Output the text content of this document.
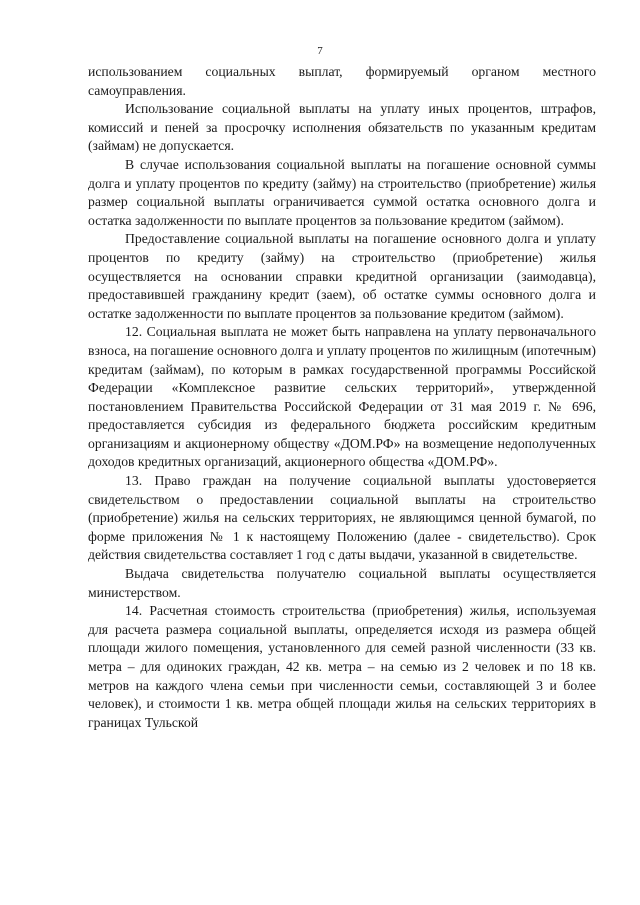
7

использованием социальных выплат, формируемый органом местного самоуправления.

Использование социальной выплаты на уплату иных процентов, штрафов, комиссий и пеней за просрочку исполнения обязательств по указанным кредитам (займам) не допускается.

В случае использования социальной выплаты на погашение основной суммы долга и уплату процентов по кредиту (займу) на строительство (приобретение) жилья размер социальной выплаты ограничивается суммой остатка основного долга и остатка задолженности по выплате процентов за пользование кредитом (займом).

Предоставление социальной выплаты на погашение основного долга и уплату процентов по кредиту (займу) на строительство (приобретение) жилья осуществляется на основании справки кредитной организации (заимодавца), предоставившей гражданину кредит (заем), об остатке суммы основного долга и остатке задолженности по выплате процентов за пользование кредитом (займом).

12. Социальная выплата не может быть направлена на уплату первоначального взноса, на погашение основного долга и уплату процентов по жилищным (ипотечным) кредитам (займам), по которым в рамках государственной программы Российской Федерации «Комплексное развитие сельских территорий», утвержденной постановлением Правительства Российской Федерации от 31 мая 2019 г. № 696, предоставляется субсидия из федерального бюджета российским кредитным организациям и акционерному обществу «ДОМ.РФ» на возмещение недополученных доходов кредитных организаций, акционерного общества «ДОМ.РФ».

13. Право граждан на получение социальной выплаты удостоверяется свидетельством о предоставлении социальной выплаты на строительство (приобретение) жилья на сельских территориях, не являющимся ценной бумагой, по форме приложения № 1 к настоящему Положению (далее - свидетельство). Срок действия свидетельства составляет 1 год с даты выдачи, указанной в свидетельстве.

Выдача свидетельства получателю социальной выплаты осуществляется министерством.

14. Расчетная стоимость строительства (приобретения) жилья, используемая для расчета размера социальной выплаты, определяется исходя из размера общей площади жилого помещения, установленного для семей разной численности (33 кв. метра – для одиноких граждан, 42 кв. метра – на семью из 2 человек и по 18 кв. метров на каждого члена семьи при численности семьи, составляющей 3 и более человек), и стоимости 1 кв. метра общей площади жилья на сельских территориях в границах Тульской
